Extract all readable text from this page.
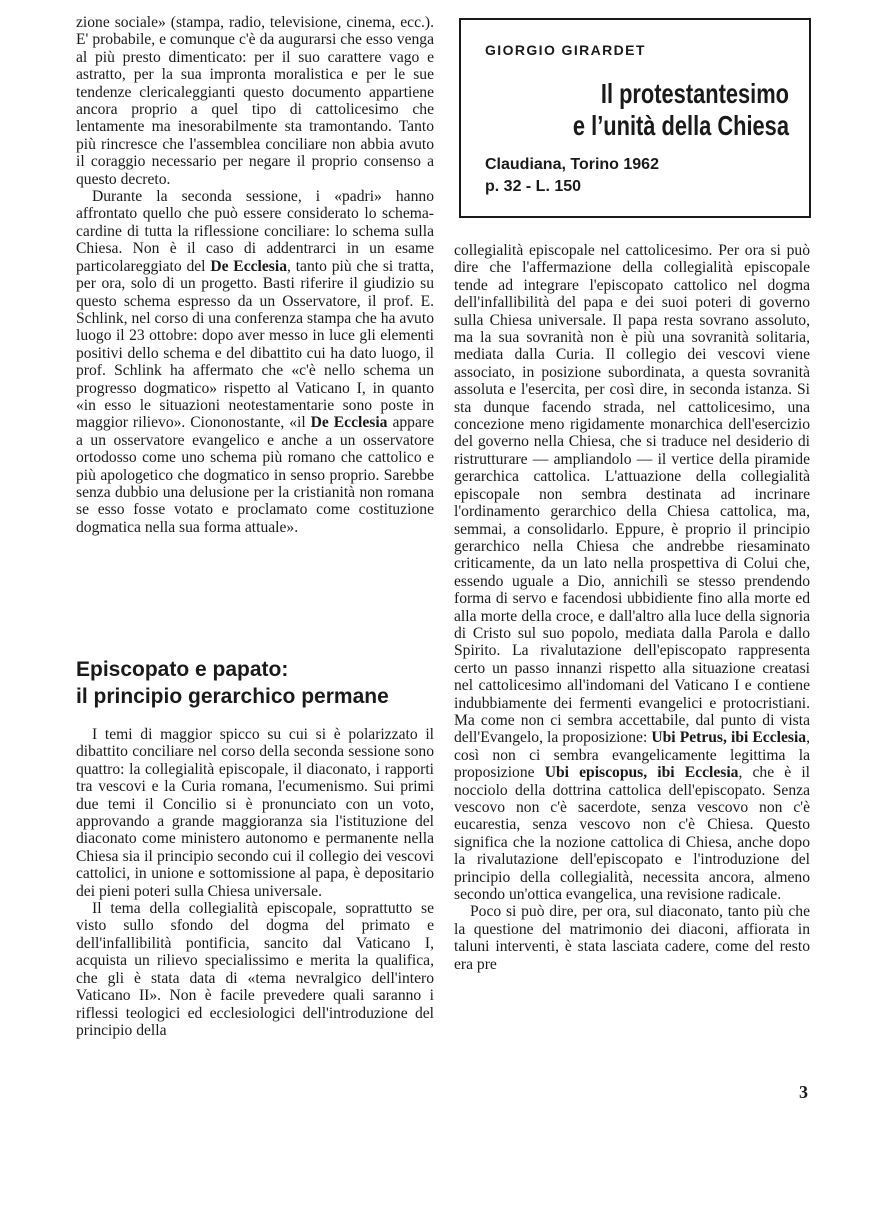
zione sociale» (stampa, radio, televisione, cinema, ecc.). E' probabile, e comunque c'è da augurarsi che esso venga al più presto dimenticato: per il suo carattere vago e astratto, per la sua impronta moralistica e per le sue tendenze clericaleggianti questo documento appartiene ancora proprio a quel tipo di cattolicesimo che lentamente ma inesorabilmente sta tramontando. Tanto più rincresce che l'assemblea conciliare non abbia avuto il coraggio necessario per negare il proprio consenso a questo decreto.

Durante la seconda sessione, i «padri» hanno affrontato quello che può essere considerato lo schema-cardine di tutta la riflessione conciliare: lo schema sulla Chiesa. Non è il caso di addentrarci in un esame particolareggiato del De Ecclesia, tanto più che si tratta, per ora, solo di un progetto. Basti riferire il giudizio su questo schema espresso da un Osservatore, il prof. E. Schlink, nel corso di una conferenza stampa che ha avuto luogo il 23 ottobre: dopo aver messo in luce gli elementi positivi dello schema e del dibattito cui ha dato luogo, il prof. Schlink ha affermato che «c'è nello schema un progresso dogmatico» rispetto al Vaticano I, in quanto «in esso le situazioni neotestamentarie sono poste in maggior rilievo». Ciononostante, «il De Ecclesia appare a un osservatore evangelico e anche a un osservatore ortodosso come uno schema più romano che cattolico e più apologetico che dogmatico in senso proprio. Sarebbe senza dubbio una delusione per la cristianità non romana se esso fosse votato e proclamato come costituzione dogmatica nella sua forma attuale».

Episcopato e papato:
il principio gerarchico permane

I temi di maggior spicco su cui si è polarizzato il dibattito conciliare nel corso della seconda sessione sono quattro: la collegialità episcopale, il diaconato, i rapporti tra vescovi e la Curia romana, l'ecumenismo. Sui primi due temi il Concilio si è pronunciato con un voto, approvando a grande maggioranza sia l'istituzione del diaconato come ministero autonomo e permanente nella Chiesa sia il principio secondo cui il collegio dei vescovi cattolici, in unione e sottomissione al papa, è depositario dei pieni poteri sulla Chiesa universale.

Il tema della collegialità episcopale, soprattutto se visto sullo sfondo del dogma del primato e dell'infallibilità pontificia, sancito dal Vaticano I, acquista un rilievo specialissimo e merita la qualifica, che gli è stata data di «tema nevralgico dell'intero Vaticano II». Non è facile prevedere quali saranno i riflessi teologici ed ecclesiologici dell'introduzione del principio della

GIORGIO GIRARDET
Il protestantesimo
e l’unità della Chiesa
Claudiana, Torino 1962
p. 32 - L. 150

collegialità episcopale nel cattolicesimo. Per ora si può dire che l'affermazione della collegialità episcopale tende ad integrare l'episcopato cattolico nel dogma dell'infallibilità del papa e dei suoi poteri di governo sulla Chiesa universale. Il papa resta sovrano assoluto, ma la sua sovranità non è più una sovranità solitaria, mediata dalla Curia. Il collegio dei vescovi viene associato, in posizione subordinata, a questa sovranità assoluta e l'esercita, per così dire, in seconda istanza. Si sta dunque facendo strada, nel cattolicesimo, una concezione meno rigidamente monarchica dell'esercizio del governo nella Chiesa, che si traduce nel desiderio di ristrutturare — ampliandolo — il vertice della piramide gerarchica cattolica. L'attuazione della collegialità episcopale non sembra destinata ad incrinare l'ordinamento gerarchico della Chiesa cattolica, ma, semmai, a consolidarlo. Eppure, è proprio il principio gerarchico nella Chiesa che andrebbe riesaminato criticamente, da un lato nella prospettiva di Colui che, essendo uguale a Dio, annichilì se stesso prendendo forma di servo e facendosi ubbidiente fino alla morte ed alla morte della croce, e dall'altro alla luce della signoria di Cristo sul suo popolo, mediata dalla Parola e dallo Spirito. La rivalutazione dell'episcopato rappresenta certo un passo innanzi rispetto alla situazione creatasi nel cattolicesimo all'indomani del Vaticano I e contiene indubbiamente dei fermenti evangelici e protocristiani. Ma come non ci sembra accettabile, dal punto di vista dell'Evangelo, la proposizione: Ubi Petrus, ibi Ecclesia, così non ci sembra evangelicamente legittima la proposizione Ubi episcopus, ibi Ecclesia, che è il nocciolo della dottrina cattolica dell'episcopato. Senza vescovo non c'è sacerdote, senza vescovo non c'è eucarestia, senza vescovo non c'è Chiesa. Questo significa che la nozione cattolica di Chiesa, anche dopo la rivalutazione dell'episcopato e l'introduzione del principio della collegialità, necessita ancora, almeno secondo un'ottica evangelica, una revisione radicale.

Poco si può dire, per ora, sul diaconato, tanto più che la questione del matrimonio dei diaconi, affiorata in taluni interventi, è stata lasciata cadere, come del resto era pre

3
